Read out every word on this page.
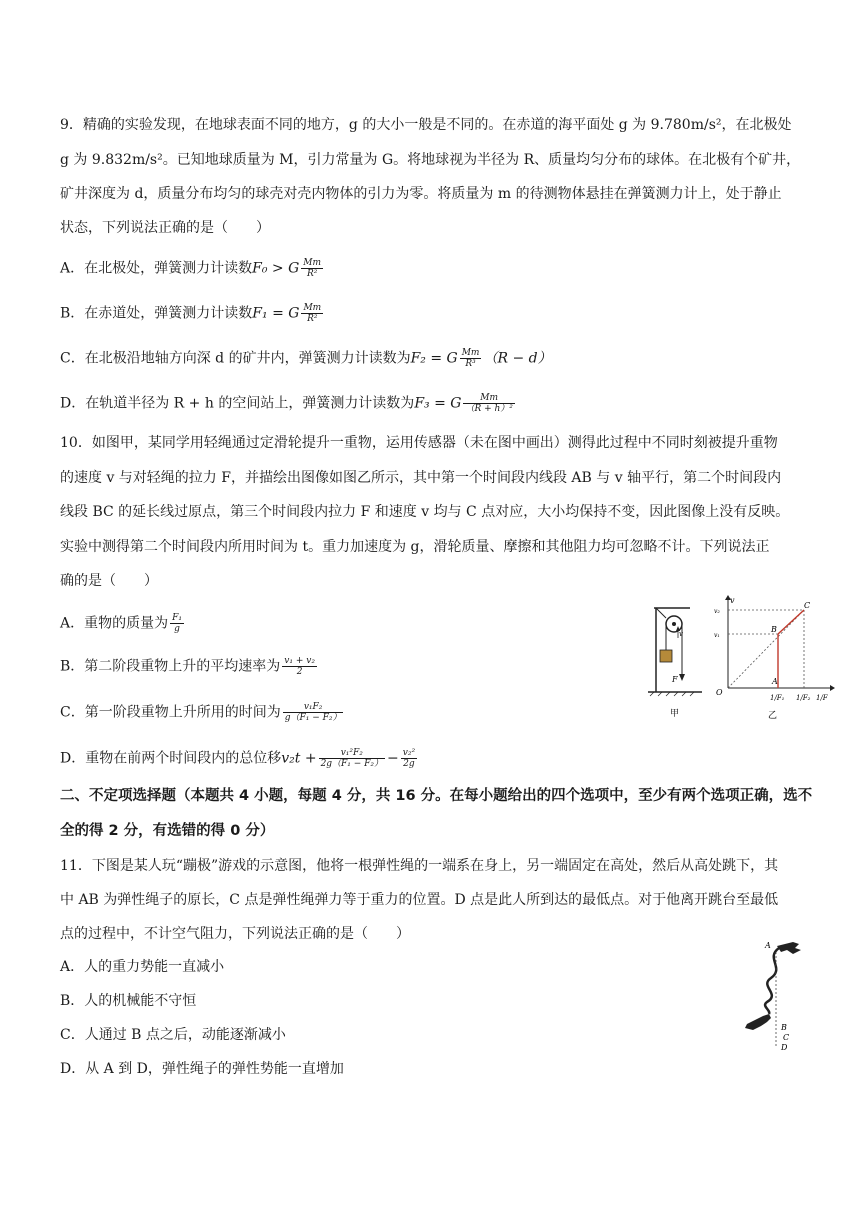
9．精确的实验发现，在地球表面不同的地方，g 的大小一般是不同的。在赤道的海平面处 g 为 9.780m/s²，在北极处
g 为 9.832m/s²。已知地球质量为 M，引力常量为 G。将地球视为半径为 R、质量均匀分布的球体。在北极有个矿井，
矿井深度为 d，质量分布均匀的球壳对壳内物体的引力为零。将质量为 m 的待测物体悬挂在弹簧测力计上，处于静止
状态，下列说法正确的是（　　）
A．在北极处，弹簧测力计读数F₀ > G $\frac{Mm}{\text{R²}}$
B．在赤道处，弹簧测力计读数F₁ = G $\frac{Mm}{\text{R²}}$
C．在北极沿地轴方向深 d 的矿井内，弹簧测力计读数为F₂ = G $\frac{Mm}{\text{R³}} (R - d)$
D．在轨道半径为 R + h 的空间站上，弹簧测力计读数为F₃ = G $\frac{Mm}{\text{（R + h）²}}$
10．如图甲，某同学用轻绳通过定滑轮提升一重物，运用传感器（未在图中画出）测得此过程中不同时刻被提升重物
的速度 v 与对轻绳的拉力 F，并描绘出图像如图乙所示，其中第一个时间段内线段 AB 与 v 轴平行，第二个时间段内
线段 BC 的延长线过原点，第三个时间段内拉力 F 和速度 v 均与 C 点对应，大小均保持不变，因此图像上没有反映。
实验中测得第二个时间段内所用时间为 t。重力加速度为 g，滑轮质量、摩擦和其他阻力均可忽略不计。下列说法正
确的是（　　）
A．重物的质量为 $\frac{\text{F₁}}{g}$
B．第二阶段重物上升的平均速率为 $\frac{\text{v₁ + v₂}}{2}$
C．第一阶段重物上升所用的时间为 $\frac{\text{v₁F₂}}{\text{g（F₁ − F₂）}}$
D．重物在前两个时间段内的总位移$v_2t + \frac{\text{v₁²F₂}}{\text{2g（F₁ − F₂）}} - \frac{\text{v₂²}}{2g}$
v
F
甲
v
v₂
v₁
B
C
A
O
1/F₁ 1/F₂ 1/F
乙
二、不定项选择题（本题共 4 小题，每题 4 分，共 16 分。在每小题给出的四个选项中，至少有两个选项正确，选不
全的得 2 分，有选错的得 0 分）
11．下图是某人玩“蹦极”游戏的示意图，他将一根弹性绳的一端系在身上，另一端固定在高处，然后从高处跳下，其
中 AB 为弹性绳子的原长，C 点是弹性绳弹力等于重力的位置。D 点是此人所到达的最低点。对于他离开跳台至最低
点的过程中，不计空气阻力，下列说法正确的是（　　）
A．人的重力势能一直减小
B．人的机械能不守恒
C．人通过 B 点之后，动能逐渐减小
D．从 A 到 D，弹性绳子的弹性势能一直增加
A
B
C
D
